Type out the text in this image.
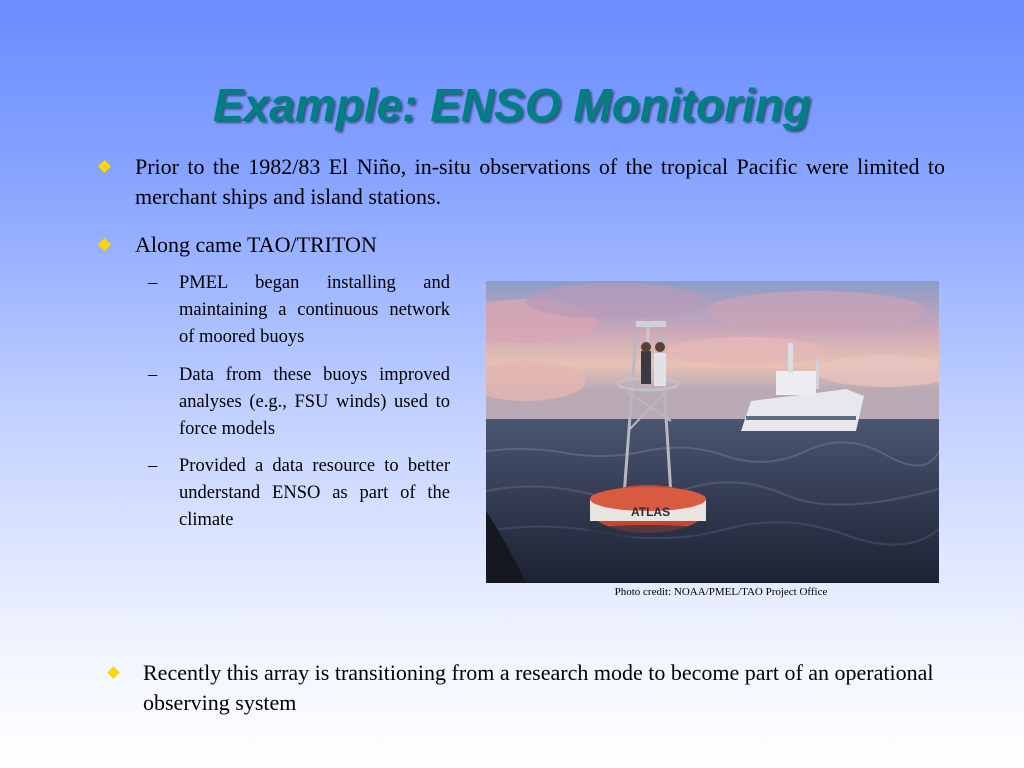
Example: ENSO Monitoring
Prior to the 1982/83 El Niño, in-situ observations of the tropical Pacific were limited to merchant ships and island stations.
Along came TAO/TRITON
– PMEL began installing and maintaining a continuous network of moored buoys
– Data from these buoys improved analyses (e.g., FSU winds) used to force models
– Provided a data resource to better understand ENSO as part of the climate	ATLAS
Photo credit: NOAA/PMEL/TAO Project Office
Recently this array is transitioning from a research mode to become part of an operational observing system
